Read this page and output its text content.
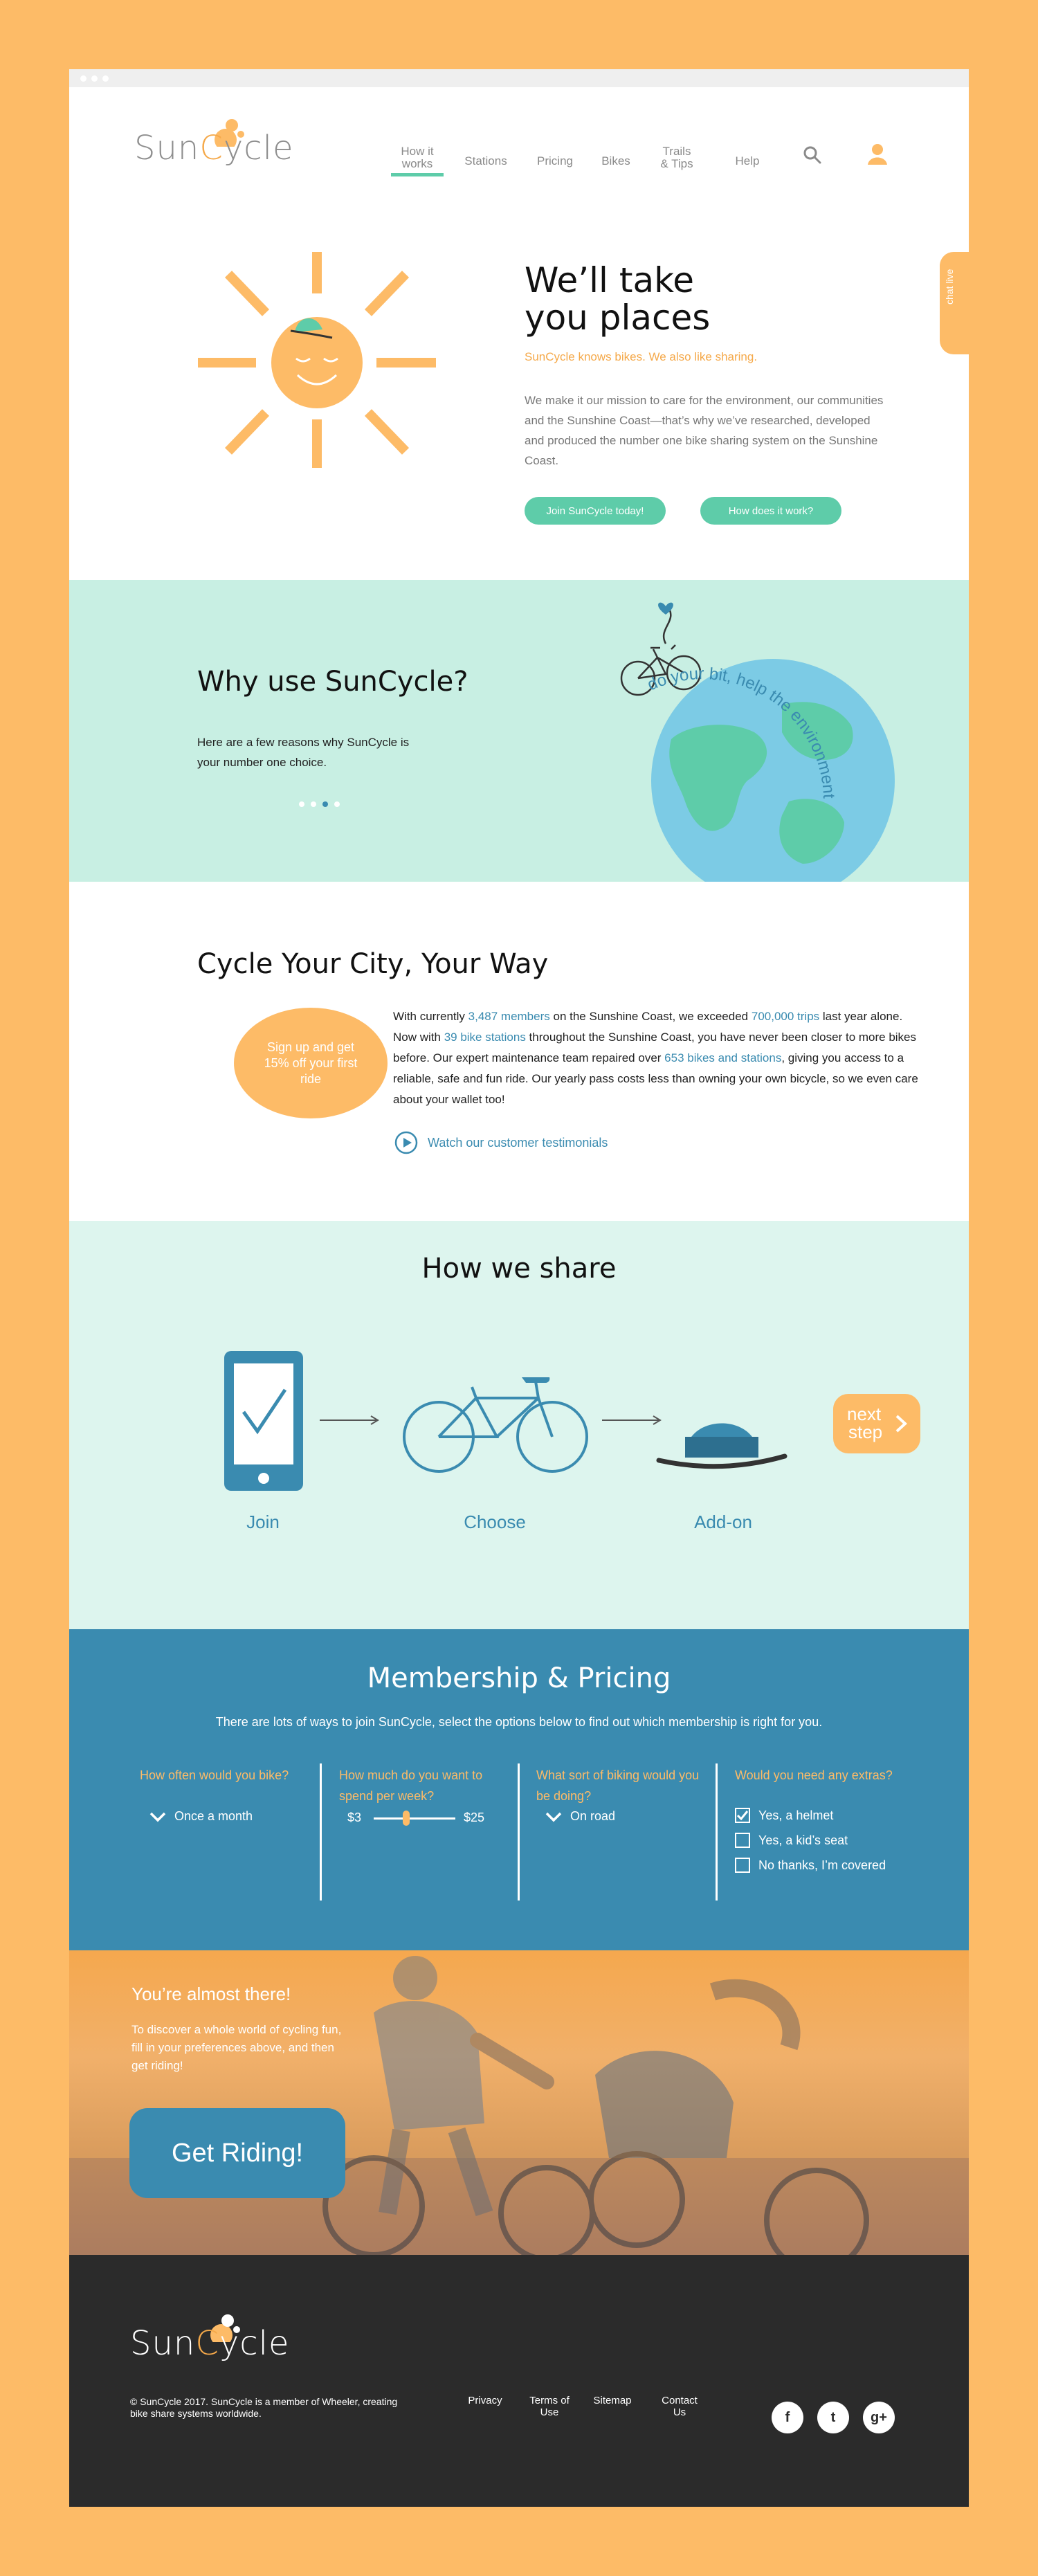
SunCycle	How it works	Stations	Pricing	Bikes
Trails & Tips	Help
We’ll take
you places
SunCycle knows bikes. We also like sharing.
We make it our mission to care for the environment, our communities and the Sunshine Coast—that’s why we’ve researched, developed and produced the number one bike sharing system on the Sunshine Coast.
Join SunCycle today!	How does it work?
chat live
Why use SunCycle?

Here are a few reasons why SunCycle is your number one choice.

do your bit, help the environment
Cycle Your City, Your Way
Sign up and get 15% off your first ride
With currently 3,487 members on the Sunshine Coast, we exceeded 700,000 trips last year alone. Now with 39 bike stations throughout the Sunshine Coast, you have never been closer to more bikes before. Our expert maintenance team repaired over 653 bikes and stations, giving you access to a reliable, safe and fun ride. Our yearly pass costs less than owning your own bicycle, so we even care about your wallet too!
Watch our customer testimonials
How we share
Join	Choose	Add-on
next
step
Membership & Pricing
There are lots of ways to join SunCycle, select the options below to find out which membership is right for you.
How often would you bike?
Once a month
How much do you want to spend per week?
$3	$25
What sort of biking would you be doing?
On road
Would you need any extras?
Yes, a helmet
Yes, a kid’s seat
No thanks, I’m covered
You’re almost there!

To discover a whole world of cycling fun, fill in your preferences above, and then get riding!

Get Riding!
SunCycle
© SunCycle 2017. SunCycle is a member of Wheeler, creating bike share systems worldwide.
Privacy	Terms of Use
Sitemap	Contact Us	f	t	g+
